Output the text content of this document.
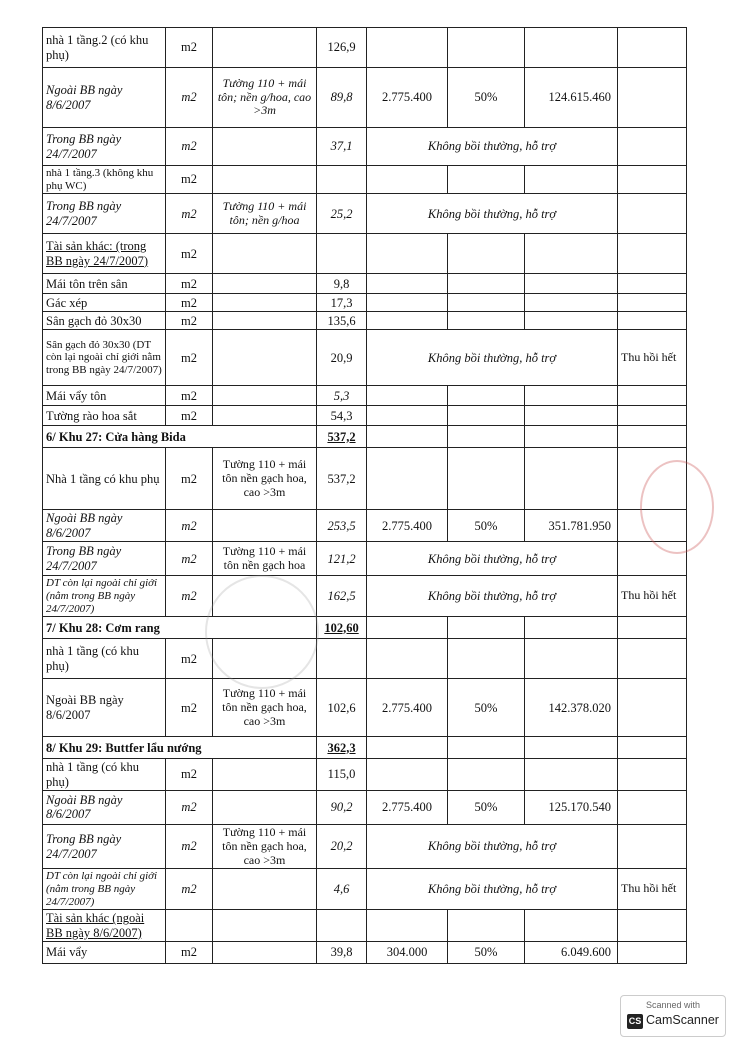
nhà 1 tầng.2 (có khu phụ)	m2		126,9				
Ngoài BB ngày 8/6/2007	m2	Tường 110 + mái tôn; nền g/hoa, cao >3m	89,8	2.775.400	50%	124.615.460	
Trong BB ngày 24/7/2007	m2		37,1	Không bồi thường, hỗ trợ			
nhà 1 tầng.3 (không khu phụ WC)	m2						
Trong BB ngày 24/7/2007	m2	Tường 110 + mái tôn; nền g/hoa	25,2	Không bồi thường, hỗ trợ			
Tài sản khác: (trong BB ngày 24/7/2007)	m2						
Mái tôn trên sân	m2		9,8				
Gác xép	m2		17,3				
Sân gạch đỏ 30x30	m2		135,6				
Sân gạch đỏ 30x30 (DT còn lại ngoài chỉ giới nằm trong BB ngày 24/7/2007)	m2		20,9	Không bồi thường, hỗ trợ			Thu hồi hết
Mái vẩy tôn	m2		5,3				
Tường rào hoa sắt	m2		54,3				
6/ Khu 27: Cửa hàng Bida			537,2				
Nhà 1 tầng có khu phụ	m2	Tường 110 + mái tôn nền gạch hoa, cao >3m	537,2				
Ngoài BB ngày 8/6/2007	m2		253,5	2.775.400	50%	351.781.950	
Trong BB ngày 24/7/2007	m2	Tường 110 + mái tôn nền gạch hoa	121,2	Không bồi thường, hỗ trợ			
DT còn lại ngoài chỉ giới (nằm trong BB ngày 24/7/2007)	m2		162,5	Không bồi thường, hỗ trợ			Thu hồi hết
7/ Khu 28: Cơm rang			102,60				
nhà 1 tầng (có khu phụ)	m2						
Ngoài BB ngày 8/6/2007	m2	Tường 110 + mái tôn nền gạch hoa, cao >3m	102,6	2.775.400	50%	142.378.020	
8/ Khu 29: Buttfer lẩu nướng			362,3				
nhà 1 tầng (có khu phụ)	m2		115,0				
Ngoài BB ngày 8/6/2007	m2		90,2	2.775.400	50%	125.170.540	
Trong BB ngày 24/7/2007	m2	Tường 110 + mái tôn nền gạch hoa, cao >3m	20,2	Không bồi thường, hỗ trợ			
DT còn lại ngoài chỉ giới (nằm trong BB ngày 24/7/2007)	m2		4,6	Không bồi thường, hỗ trợ			Thu hồi hết
Tài sản khác (ngoài BB ngày 8/6/2007)							
Mái vẩy	m2		39,8	304.000	50%	6.049.600	
Scanned with
CS CamScanner
